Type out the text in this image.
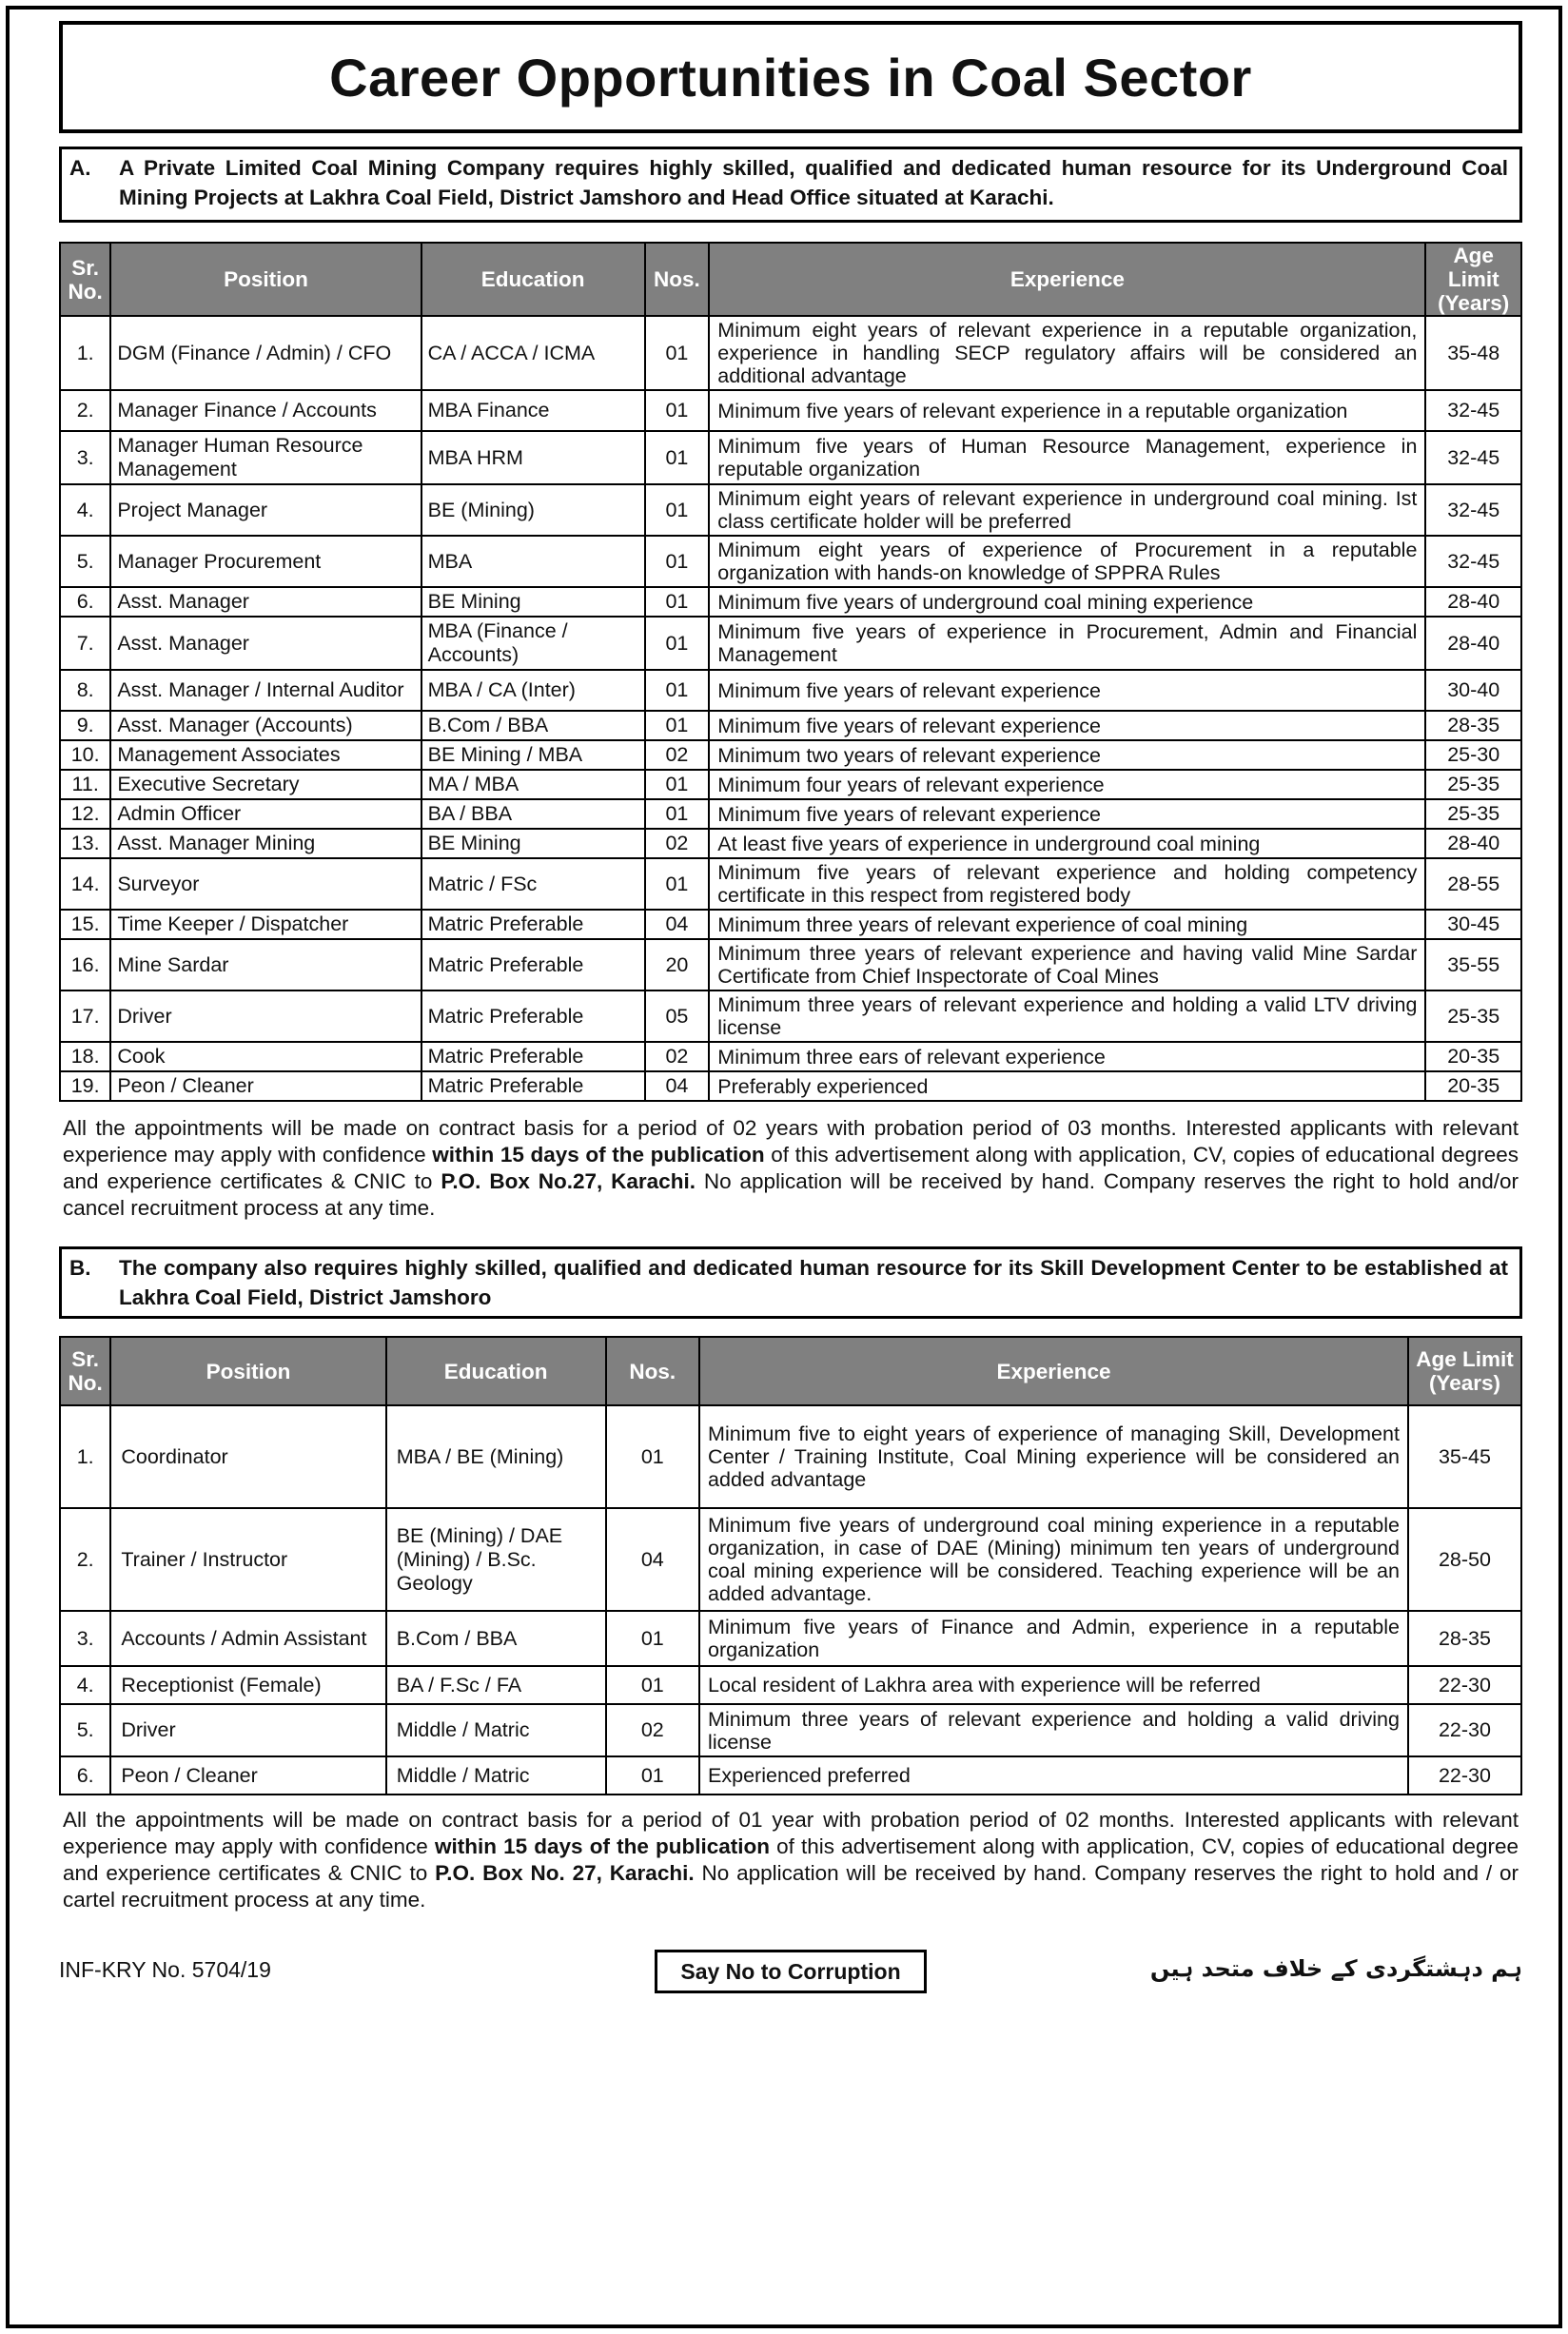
Career Opportunities in Coal Sector
A.	A Private Limited Coal Mining Company requires highly skilled, qualified and dedicated human resource for its Underground Coal Mining Projects at Lakhra Coal Field, District Jamshoro and Head Office situated at Karachi.
Sr. No.	Position	Education	Nos.	Experience	Age Limit (Years)
1.	DGM (Finance / Admin) / CFO	CA / ACCA / ICMA	01	Minimum eight years of relevant experience in a reputable organization, experience in handling SECP regulatory affairs will be considered an additional advantage	35-48
2.	Manager Finance / Accounts	MBA Finance	01	Minimum five years of relevant experience in a reputable organization	32-45
3.	Manager Human Resource Management	MBA HRM	01	Minimum five years of Human Resource Management, experience in reputable organization	32-45
4.	Project Manager	BE (Mining)	01	Minimum eight years of relevant experience in underground coal mining. Ist class certificate holder will be preferred	32-45
5.	Manager Procurement	MBA	01	Minimum eight years of experience of Procurement in a reputable organization with hands-on knowledge of SPPRA Rules	32-45
6.	Asst. Manager	BE Mining	01	Minimum five years of underground coal mining experience	28-40
7.	Asst. Manager	MBA (Finance / Accounts)	01	Minimum five years of experience in Procurement, Admin and Financial Management	28-40
8.	Asst. Manager / Internal Auditor	MBA / CA (Inter)	01	Minimum five years of relevant experience	30-40
9.	Asst. Manager (Accounts)	B.Com / BBA	01	Minimum five years of relevant experience	28-35
10.	Management Associates	BE Mining / MBA	02	Minimum two years of relevant experience	25-30
11.	Executive Secretary	MA / MBA	01	Minimum four years of relevant experience	25-35
12.	Admin Officer	BA / BBA	01	Minimum five years of relevant experience	25-35
13.	Asst. Manager Mining	BE Mining	02	At least five years of experience in underground coal mining	28-40
14.	Surveyor	Matric / FSc	01	Minimum five years of relevant experience and holding competency certificate in this respect from registered body	28-55
15.	Time Keeper / Dispatcher	Matric Preferable	04	Minimum three years of relevant experience of coal mining	30-45
16.	Mine Sardar	Matric Preferable	20	Minimum three years of relevant experience and having valid Mine Sardar Certificate from Chief Inspectorate of Coal Mines	35-55
17.	Driver	Matric Preferable	05	Minimum three years of relevant experience and holding a valid LTV driving license	25-35
18.	Cook	Matric Preferable	02	Minimum three ears of relevant experience	20-35
19.	Peon / Cleaner	Matric Preferable	04	Preferably experienced	20-35
All the appointments will be made on contract basis for a period of 02 years with probation period of 03 months. Interested applicants with relevant experience may apply with confidence within 15 days of the publication of this advertisement along with application, CV, copies of educational degrees and experience certificates & CNIC to P.O. Box No.27, Karachi. No application will be received by hand. Company reserves the right to hold and/or cancel recruitment process at any time.
B.	The company also requires highly skilled, qualified and dedicated human resource for its Skill Development Center to be established at Lakhra Coal Field, District Jamshoro
Sr. No.	Position	Education	Nos.	Experience	Age Limit (Years)
1.	Coordinator	MBA / BE (Mining)	01	Minimum five to eight years of experience of managing Skill, Development Center / Training Institute, Coal Mining experience will be considered an added advantage	35-45
2.	Trainer / Instructor	BE (Mining) / DAE (Mining) / B.Sc. Geology	04	Minimum five years of underground coal mining experience in a reputable organization, in case of DAE (Mining) minimum ten years of underground coal mining experience will be considered. Teaching experience will be an added advantage.	28-50
3.	Accounts / Admin Assistant	B.Com / BBA	01	Minimum five years of Finance and Admin, experience in a reputable organization	28-35
4.	Receptionist (Female)	BA / F.Sc / FA	01	Local resident of Lakhra area with experience will be referred	22-30
5.	Driver	Middle / Matric	02	Minimum three years of relevant experience and holding a valid driving license	22-30
6.	Peon / Cleaner	Middle / Matric	01	Experienced preferred	22-30
All the appointments will be made on contract basis for a period of 01 year with probation period of 02 months. Interested applicants with relevant experience may apply with confidence within 15 days of the publication of this advertisement along with application, CV, copies of educational degree and experience certificates & CNIC to P.O. Box No. 27, Karachi. No application will be received by hand. Company reserves the right to hold and / or cartel recruitment process at any time.
INF-KRY No. 5704/19	Say No to Corruption	ہم دہشتگردی کے خلاف متحد ہیں
